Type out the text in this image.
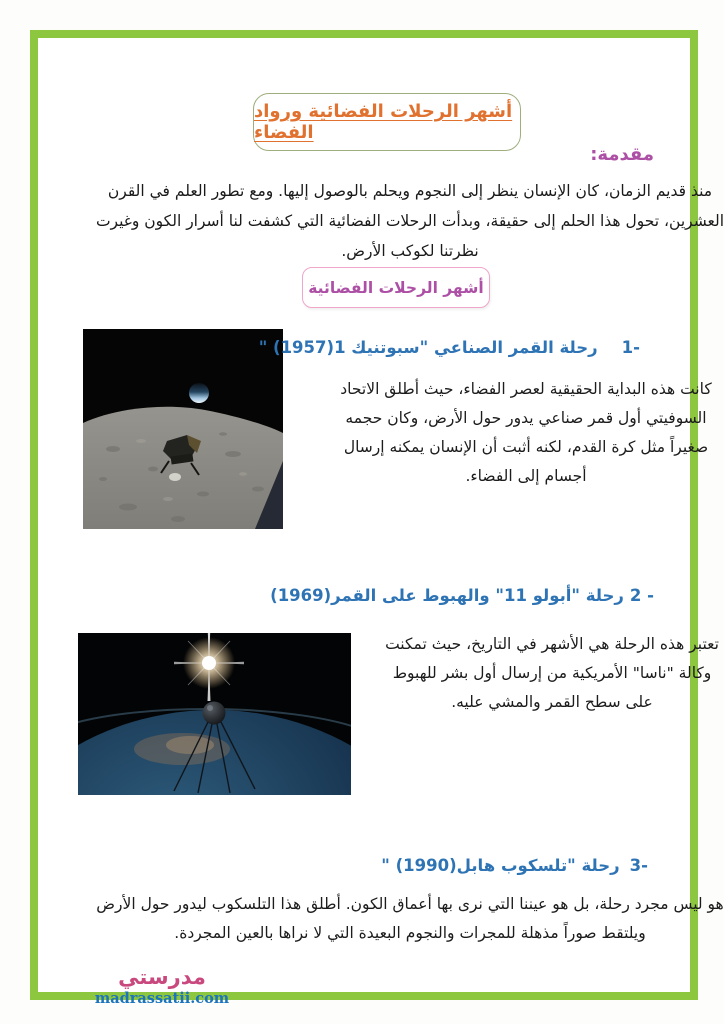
أشهر الرحلات الفضائية ورواد الفضاء
مقدمة:

منذ قديم الزمان، كان الإنسان ينظر إلى النجوم ويحلم بالوصول إليها. ومع تطور العلم في القرن العشرين، تحول هذا الحلم إلى حقيقة، وبدأت الرحلات الفضائية التي كشفت لنا أسرار الكون وغيرت نظرتنا لكوكب الأرض.

أشهر الرحلات الفضائية
1-رحلة القمر الصناعي "سبوتنيك 1(1957) "

كانت هذه البداية الحقيقية لعصر الفضاء، حيث أطلق الاتحاد السوفيتي أول قمر صناعي يدور حول الأرض، وكان حجمه صغيراً مثل كرة القدم، لكنه أثبت أن الإنسان يمكنه إرسال أجسام إلى الفضاء.

2 -رحلة "أبولو 11" والهبوط على القمر(1969)

تعتبر هذه الرحلة هي الأشهر في التاريخ، حيث تمكنت وكالة "ناسا" الأمريكية من إرسال أول بشر للهبوط على سطح القمر والمشي عليه.

3-رحلة "تلسكوب هابل(1990) "

هو ليس مجرد رحلة، بل هو عيننا التي نرى بها أعماق الكون. أطلق هذا التلسكوب ليدور حول الأرض ويلتقط صوراً مذهلة للمجرات والنجوم البعيدة التي لا نراها بالعين المجردة.

مدرستي
madrassatii.com
